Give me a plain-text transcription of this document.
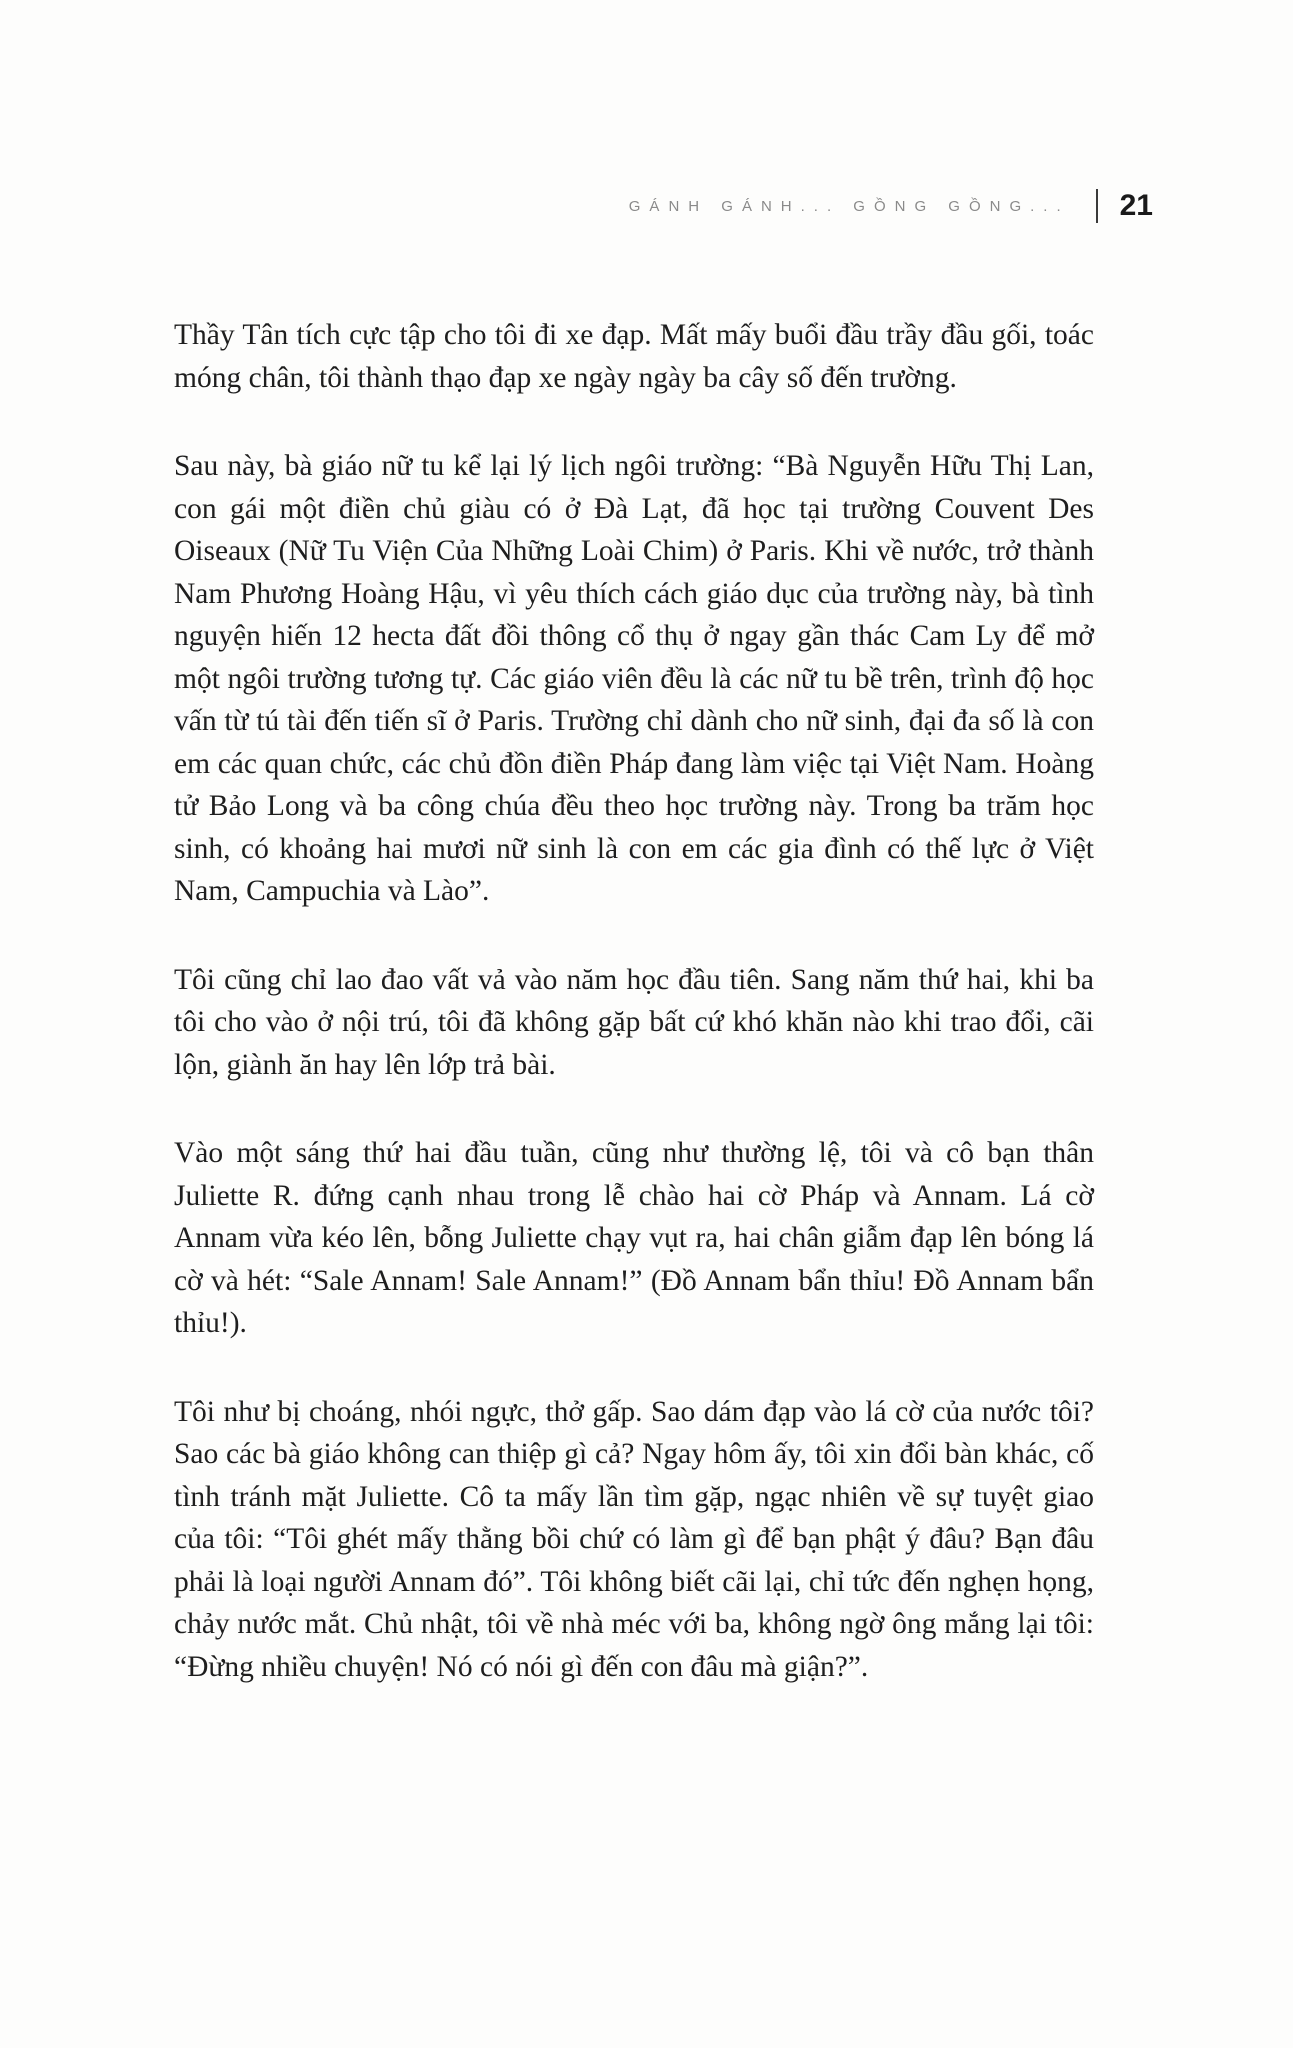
GÁNH GÁNH... GỒNG GỒNG... 21

Thầy Tân tích cực tập cho tôi đi xe đạp. Mất mấy buổi đầu trầy đầu gối, toác móng chân, tôi thành thạo đạp xe ngày ngày ba cây số đến trường.

Sau này, bà giáo nữ tu kể lại lý lịch ngôi trường: “Bà Nguyễn Hữu Thị Lan, con gái một điền chủ giàu có ở Đà Lạt, đã học tại trường Couvent Des Oiseaux (Nữ Tu Viện Của Những Loài Chim) ở Paris. Khi về nước, trở thành Nam Phương Hoàng Hậu, vì yêu thích cách giáo dục của trường này, bà tình nguyện hiến 12 hecta đất đồi thông cổ thụ ở ngay gần thác Cam Ly để mở một ngôi trường tương tự. Các giáo viên đều là các nữ tu bề trên, trình độ học vấn từ tú tài đến tiến sĩ ở Paris. Trường chỉ dành cho nữ sinh, đại đa số là con em các quan chức, các chủ đồn điền Pháp đang làm việc tại Việt Nam. Hoàng tử Bảo Long và ba công chúa đều theo học trường này. Trong ba trăm học sinh, có khoảng hai mươi nữ sinh là con em các gia đình có thế lực ở Việt Nam, Campuchia và Lào”.

Tôi cũng chỉ lao đao vất vả vào năm học đầu tiên. Sang năm thứ hai, khi ba tôi cho vào ở nội trú, tôi đã không gặp bất cứ khó khăn nào khi trao đổi, cãi lộn, giành ăn hay lên lớp trả bài.

Vào một sáng thứ hai đầu tuần, cũng như thường lệ, tôi và cô bạn thân Juliette R. đứng cạnh nhau trong lễ chào hai cờ Pháp và Annam. Lá cờ Annam vừa kéo lên, bỗng Juliette chạy vụt ra, hai chân giẫm đạp lên bóng lá cờ và hét: “Sale Annam! Sale Annam!” (Đồ Annam bẩn thỉu! Đồ Annam bẩn thỉu!).

Tôi như bị choáng, nhói ngực, thở gấp. Sao dám đạp vào lá cờ của nước tôi? Sao các bà giáo không can thiệp gì cả? Ngay hôm ấy, tôi xin đổi bàn khác, cố tình tránh mặt Juliette. Cô ta mấy lần tìm gặp, ngạc nhiên về sự tuyệt giao của tôi: “Tôi ghét mấy thằng bồi chứ có làm gì để bạn phật ý đâu? Bạn đâu phải là loại người Annam đó”. Tôi không biết cãi lại, chỉ tức đến nghẹn họng, chảy nước mắt. Chủ nhật, tôi về nhà méc với ba, không ngờ ông mắng lại tôi: “Đừng nhiều chuyện! Nó có nói gì đến con đâu mà giận?”.
